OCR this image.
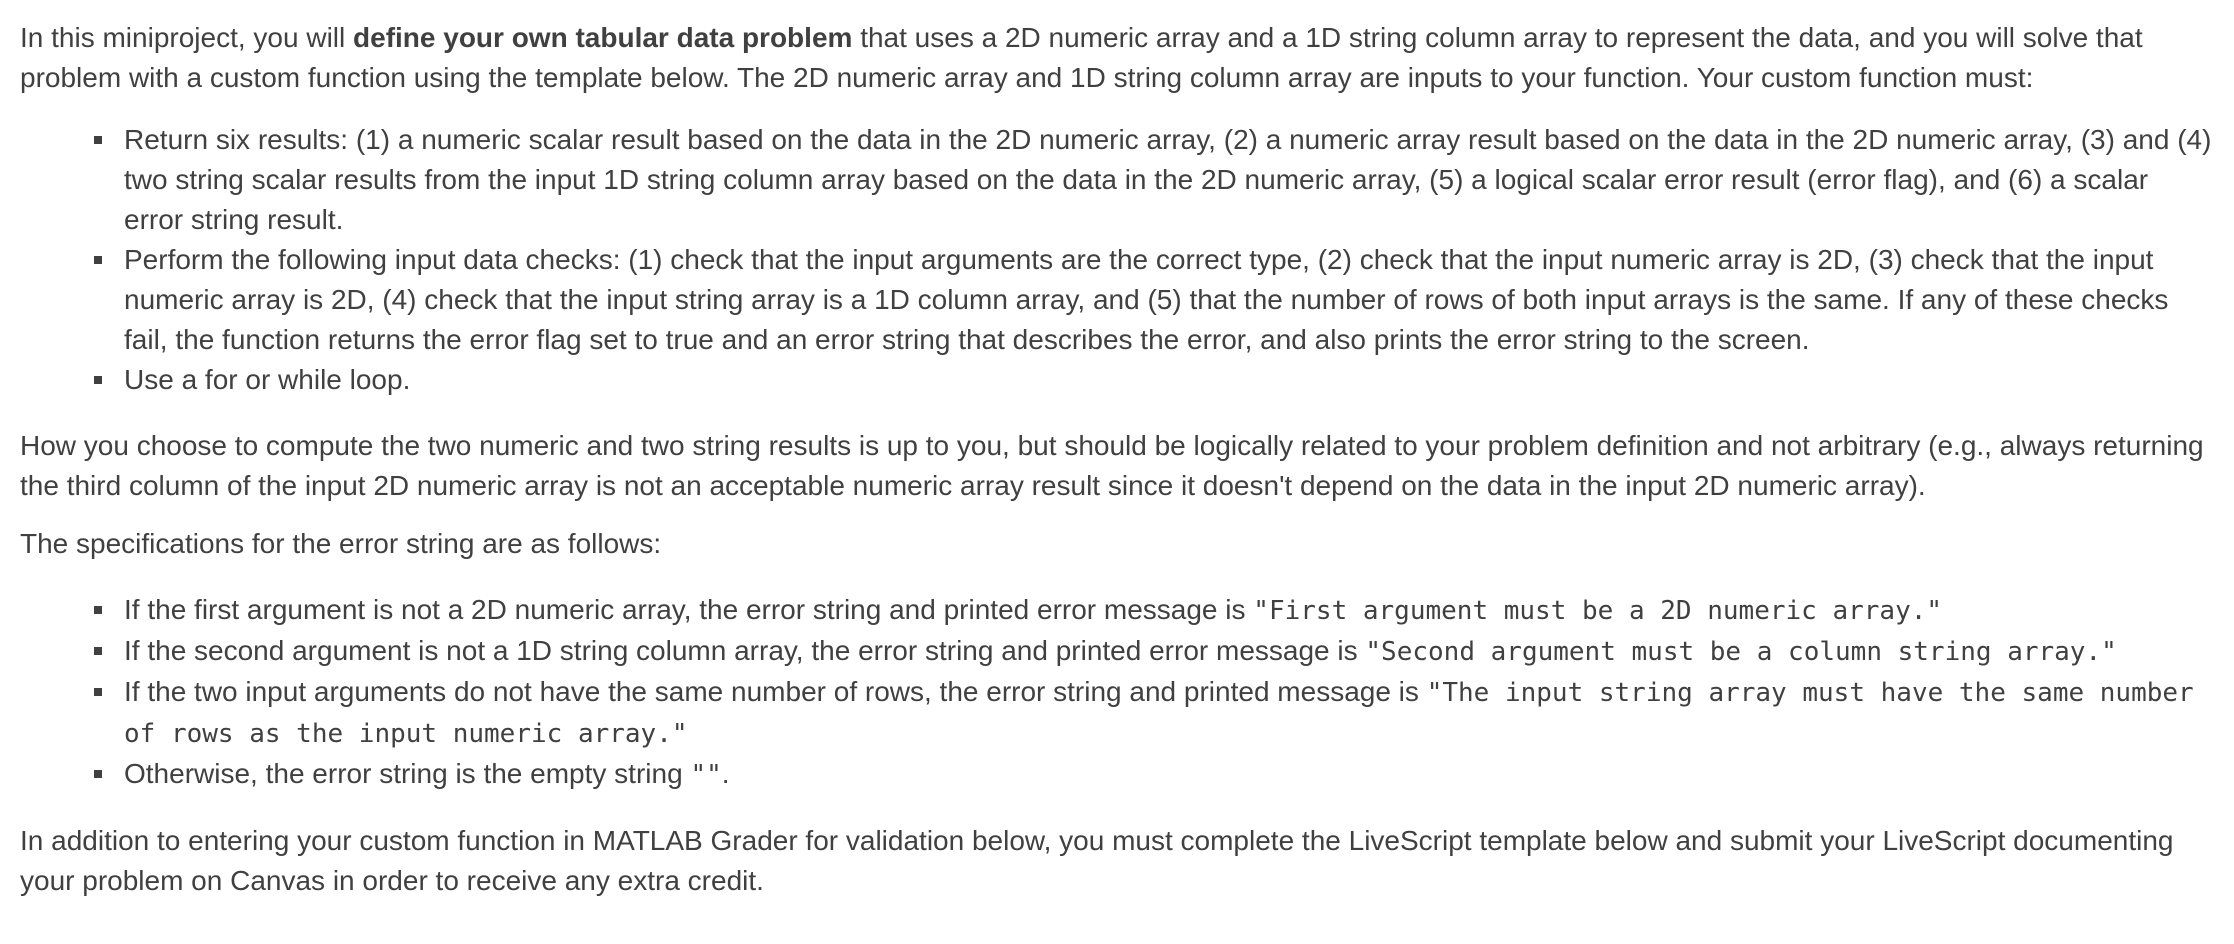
In this miniproject, you will define your own tabular data problem that uses a 2D numeric array and a 1D string column array to represent the data, and you will solve that problem with a custom function using the template below. The 2D numeric array and 1D string column array are inputs to your function. Your custom function must:

Return six results: (1) a numeric scalar result based on the data in the 2D numeric array, (2) a numeric array result based on the data in the 2D numeric array, (3) and (4) two string scalar results from the input 1D string column array based on the data in the 2D numeric array, (5) a logical scalar error result (error flag), and (6) a scalar error string result.
Perform the following input data checks: (1) check that the input arguments are the correct type, (2) check that the input numeric array is 2D, (3) check that the input numeric array is 2D, (4) check that the input string array is a 1D column array, and (5) that the number of rows of both input arrays is the same. If any of these checks fail, the function returns the error flag set to true and an error string that describes the error, and also prints the error string to the screen.
Use a for or while loop.

How you choose to compute the two numeric and two string results is up to you, but should be logically related to your problem definition and not arbitrary (e.g., always returning the third column of the input 2D numeric array is not an acceptable numeric array result since it doesn't depend on the data in the input 2D numeric array).

The specifications for the error string are as follows:

If the first argument is not a 2D numeric array, the error string and printed error message is "First argument must be a 2D numeric array."
If the second argument is not a 1D string column array, the error string and printed error message is "Second argument must be a column string array."
If the two input arguments do not have the same number of rows, the error string and printed message is "The input string array must have the same number of rows as the input numeric array."
Otherwise, the error string is the empty string "".

In addition to entering your custom function in MATLAB Grader for validation below, you must complete the LiveScript template below and submit your LiveScript documenting your problem on Canvas in order to receive any extra credit.
